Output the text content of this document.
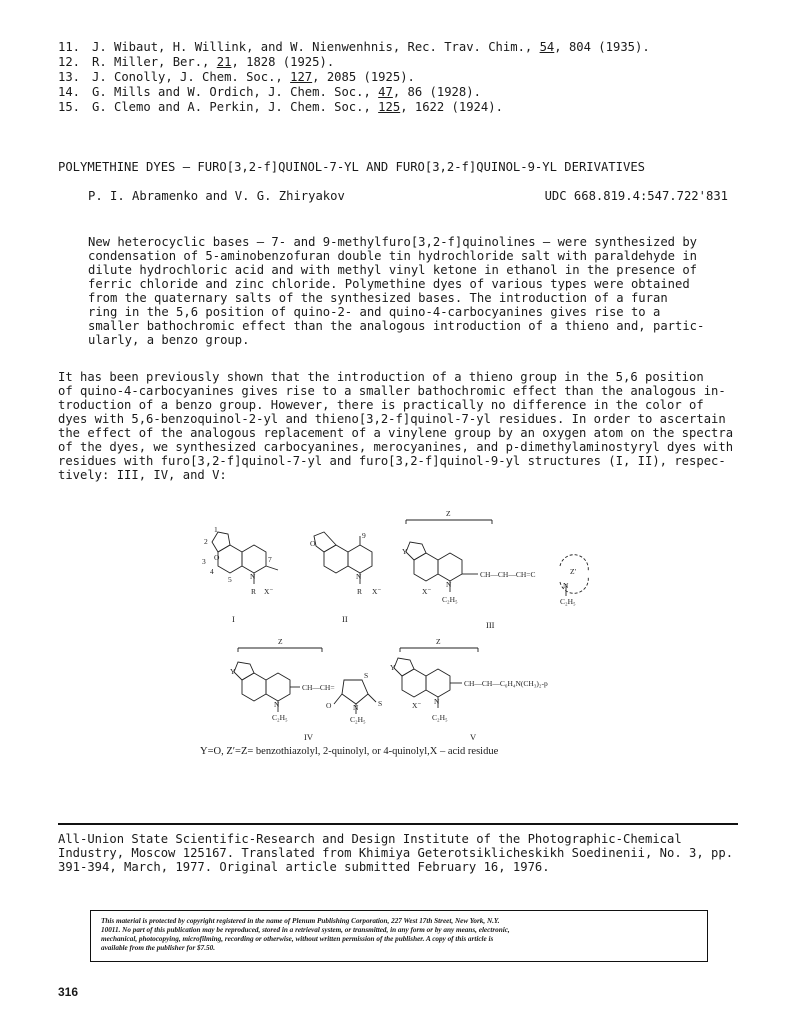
11. J. Wibaut, H. Willink, and W. Nienwenhnis, Rec. Trav. Chim., 54, 804 (1935).
12. R. Miller, Ber., 21, 1828 (1925).
13. J. Conolly, J. Chem. Soc., 127, 2085 (1925).
14. G. Mills and W. Ordich, J. Chem. Soc., 47, 86 (1928).
15. G. Clemo and A. Perkin, J. Chem. Soc., 125, 1622 (1924).
POLYMETHINE DYES — FURO[3,2-f]QUINOL-7-YL AND FURO[3,2-f]QUINOL-9-YL DERIVATIVES
P. I. Abramenko and V. G. Zhiryakov	UDC 668.819.4:547.722'831
New heterocyclic bases — 7- and 9-methylfuro[3,2-f]quinolines — were synthesized by
condensation of 5-aminobenzofuran double tin hydrochloride salt with paraldehyde in
dilute hydrochloric acid and with methyl vinyl ketone in ethanol in the presence of
ferric chloride and zinc chloride. Polymethine dyes of various types were obtained
from the quaternary salts of the synthesized bases. The introduction of a furan
ring in the 5,6 position of quino-2- and quino-4-carbocyanines gives rise to a
smaller bathochromic effect than the analogous introduction of a thieno and, partic-
ularly, a benzo group.
It has been previously shown that the introduction of a thieno group in the 5,6 position
of quino-4-carbocyanines gives rise to a smaller bathochromic effect than the analogous in-
troduction of a benzo group. However, there is practically no difference in the color of
dyes with 5,6-benzoquinol-2-yl and thieno[3,2-f]quinol-7-yl residues. In order to ascertain
the effect of the analogous replacement of a vinylene group by an oxygen atom on the spectra
of the dyes, we synthesized carbocyanines, merocyanines, and p-dimethylaminostyryl dyes with
residues with furo[3,2-f]quinol-7-yl and furo[3,2-f]quinol-9-yl structures (I, II), respec-
tively: III, IV, and V:
1
2
3
4
5
7
9
N
R X⁻
O
N
R X⁻
O
Z
Y
N
C₂H₅
X⁻
CH—CH—CH=C	Z'
N
C₂H₅
Z
Y
N
C₂H₅
CH—CH=
S
S
O	N
C₂H₅
Z
Y
N
X⁻
C₂H₅
CH—CH—C₆H₄N(CH₃)₂-p
I	II
III
IV	V
Y=O, Z′=Z= benzothiazolyl, 2-quinolyl, or 4-quinolyl,X – acid residue
All-Union State Scientific-Research and Design Institute of the Photographic-Chemical
Industry, Moscow 125167. Translated from Khimiya Geterotsiklicheskikh Soedinenii, No. 3, pp.
391-394, March, 1977. Original article submitted February 16, 1976.
This material is protected by copyright registered in the name of Plenum Publishing Corporation, 227 West 17th Street, New York, N.Y.
10011. No part of this publication may be reproduced, stored in a retrieval system, or transmitted, in any form or by any means, electronic,
mechanical, photocopying, microfilming, recording or otherwise, without written permission of the publisher. A copy of this article is
available from the publisher for $7.50.
316
